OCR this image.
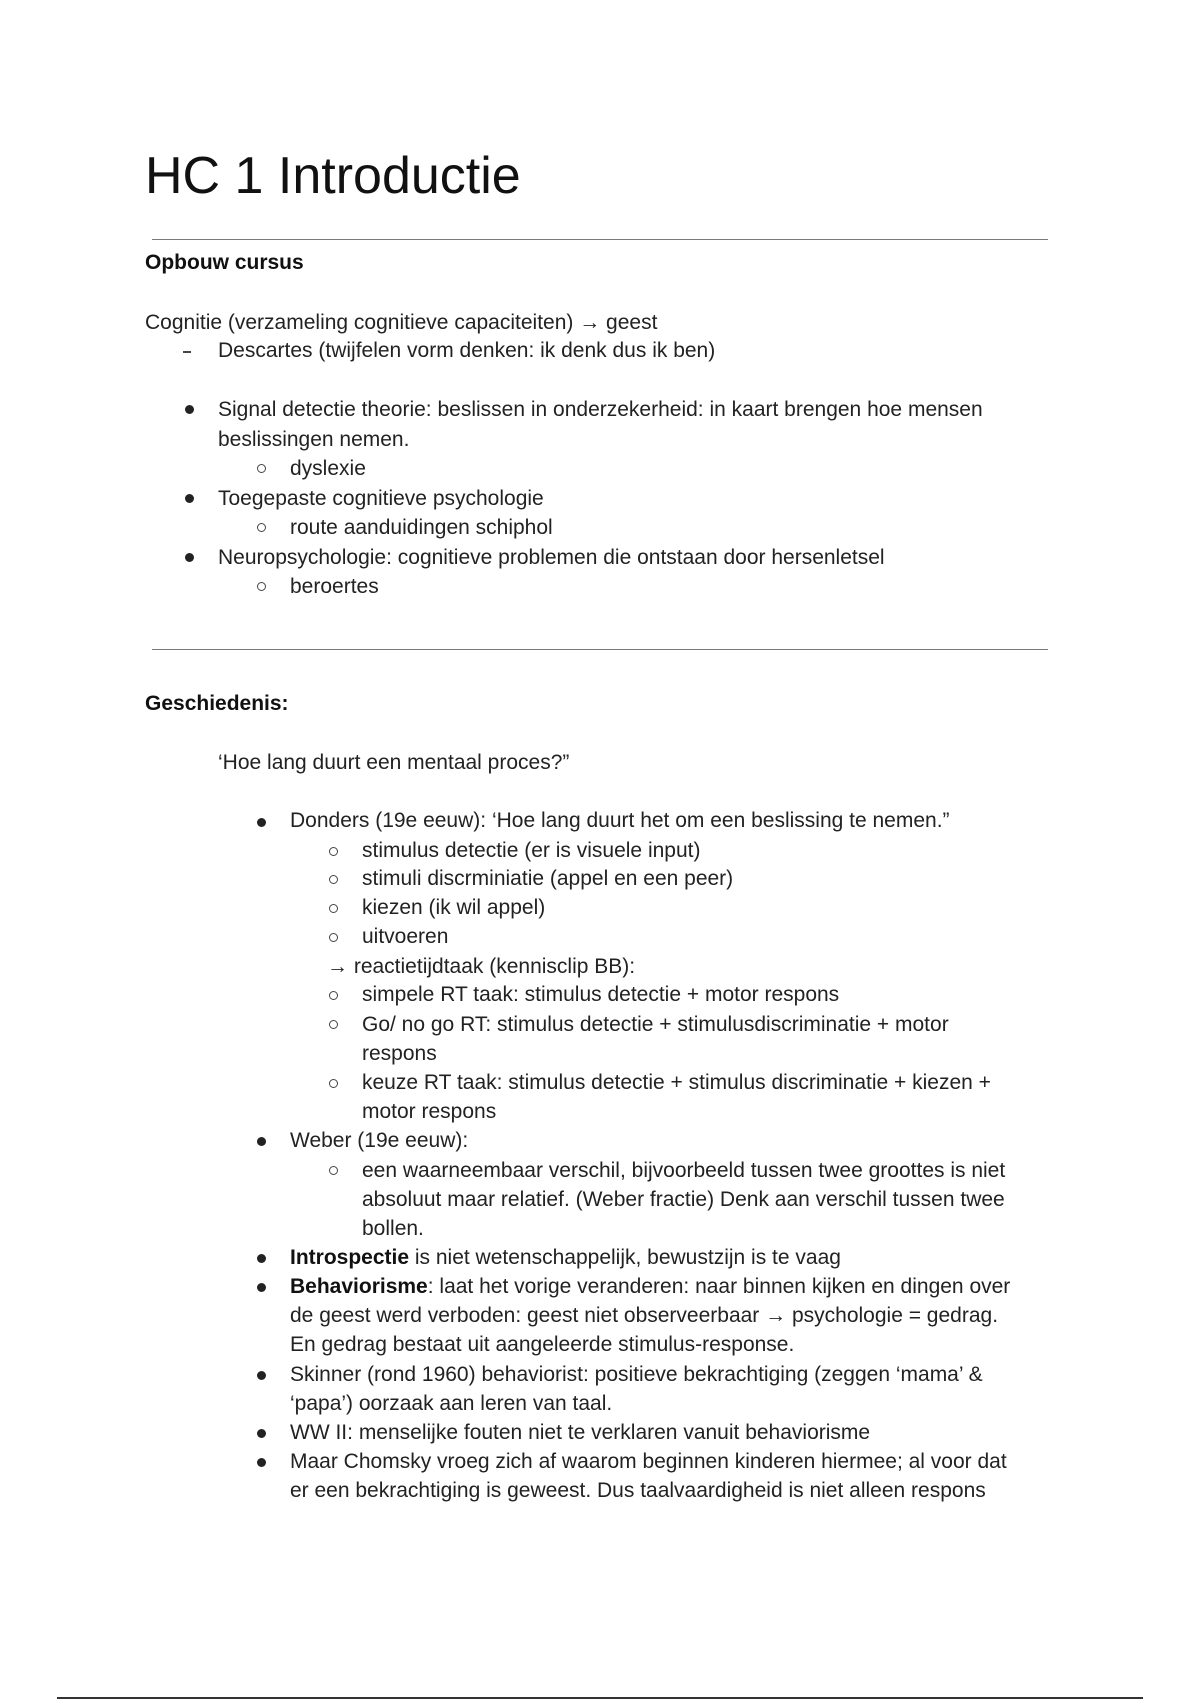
HC 1 Introductie
Opbouw cursus
Cognitie (verzameling cognitieve capaciteiten) → geest
Descartes (twijfelen vorm denken: ik denk dus ik ben)
Signal detectie theorie: beslissen in onderzekerheid: in kaart brengen hoe mensen
beslissingen nemen.
dyslexie
Toegepaste cognitieve psychologie
route aanduidingen schiphol
Neuropsychologie: cognitieve problemen die ontstaan door hersenletsel
beroertes
Geschiedenis:
‘Hoe lang duurt een mentaal proces?”
Donders (19e eeuw): ‘Hoe lang duurt het om een beslissing te nemen.”
stimulus detectie (er is visuele input)
stimuli discrminiatie (appel en een peer)
kiezen (ik wil appel)
uitvoeren
→ reactietijdtaak (kennisclip BB):
simpele RT taak: stimulus detectie + motor respons
Go/ no go RT: stimulus detectie + stimulusdiscriminatie + motor
respons
keuze RT taak: stimulus detectie + stimulus discriminatie + kiezen +
motor respons
Weber (19e eeuw):
een waarneembaar verschil, bijvoorbeeld tussen twee groottes is niet
absoluut maar relatief. (Weber fractie) Denk aan verschil tussen twee
bollen.
Introspectie is niet wetenschappelijk, bewustzijn is te vaag
Behaviorisme: laat het vorige veranderen: naar binnen kijken en dingen over
de geest werd verboden: geest niet observeerbaar → psychologie = gedrag.
En gedrag bestaat uit aangeleerde stimulus-response.
Skinner (rond 1960) behaviorist: positieve bekrachtiging (zeggen ‘mama’ &
‘papa’) oorzaak aan leren van taal.
WW II: menselijke fouten niet te verklaren vanuit behaviorisme
Maar Chomsky vroeg zich af waarom beginnen kinderen hiermee; al voor dat
er een bekrachtiging is geweest. Dus taalvaardigheid is niet alleen respons
